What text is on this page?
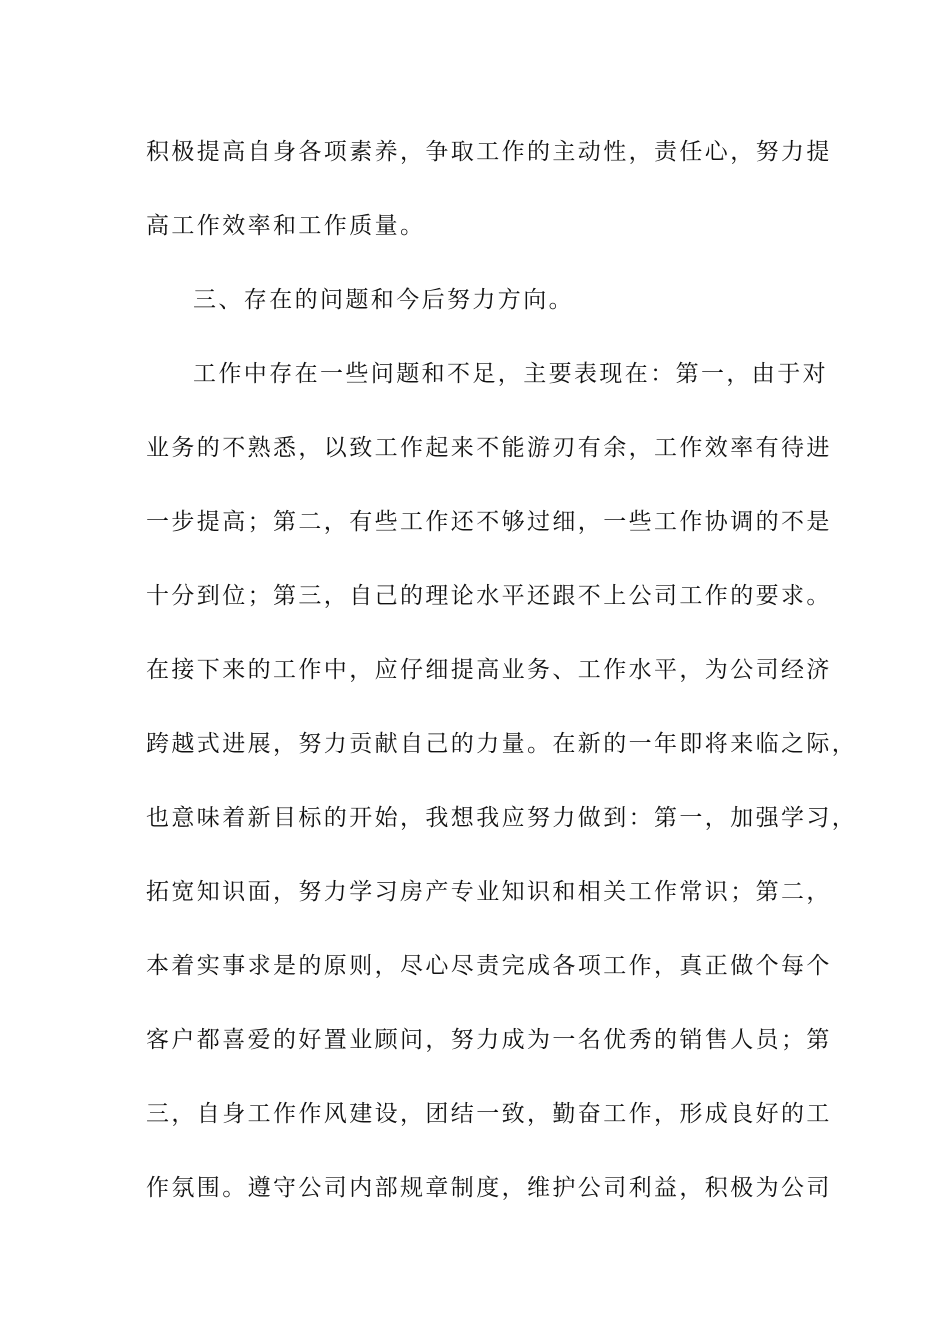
积极提高自身各项素养，争取工作的主动性，责任心，努力提
高工作效率和工作质量。
三、存在的问题和今后努力方向。
工作中存在一些问题和不足，主要表现在：第一，由于对
业务的不熟悉，以致工作起来不能游刃有余，工作效率有待进
一步提高；第二，有些工作还不够过细，一些工作协调的不是
十分到位；第三，自己的理论水平还跟不上公司工作的要求。
在接下来的工作中，应仔细提高业务、工作水平，为公司经济
跨越式进展，努力贡献自己的力量。在新的一年即将来临之际，
也意味着新目标的开始，我想我应努力做到：第一，加强学习，
拓宽知识面，努力学习房产专业知识和相关工作常识；第二，
本着实事求是的原则，尽心尽责完成各项工作，真正做个每个
客户都喜爱的好置业顾问，努力成为一名优秀的销售人员；第
三，自身工作作风建设，团结一致，勤奋工作，形成良好的工
作氛围。遵守公司内部规章制度，维护公司利益，积极为公司
